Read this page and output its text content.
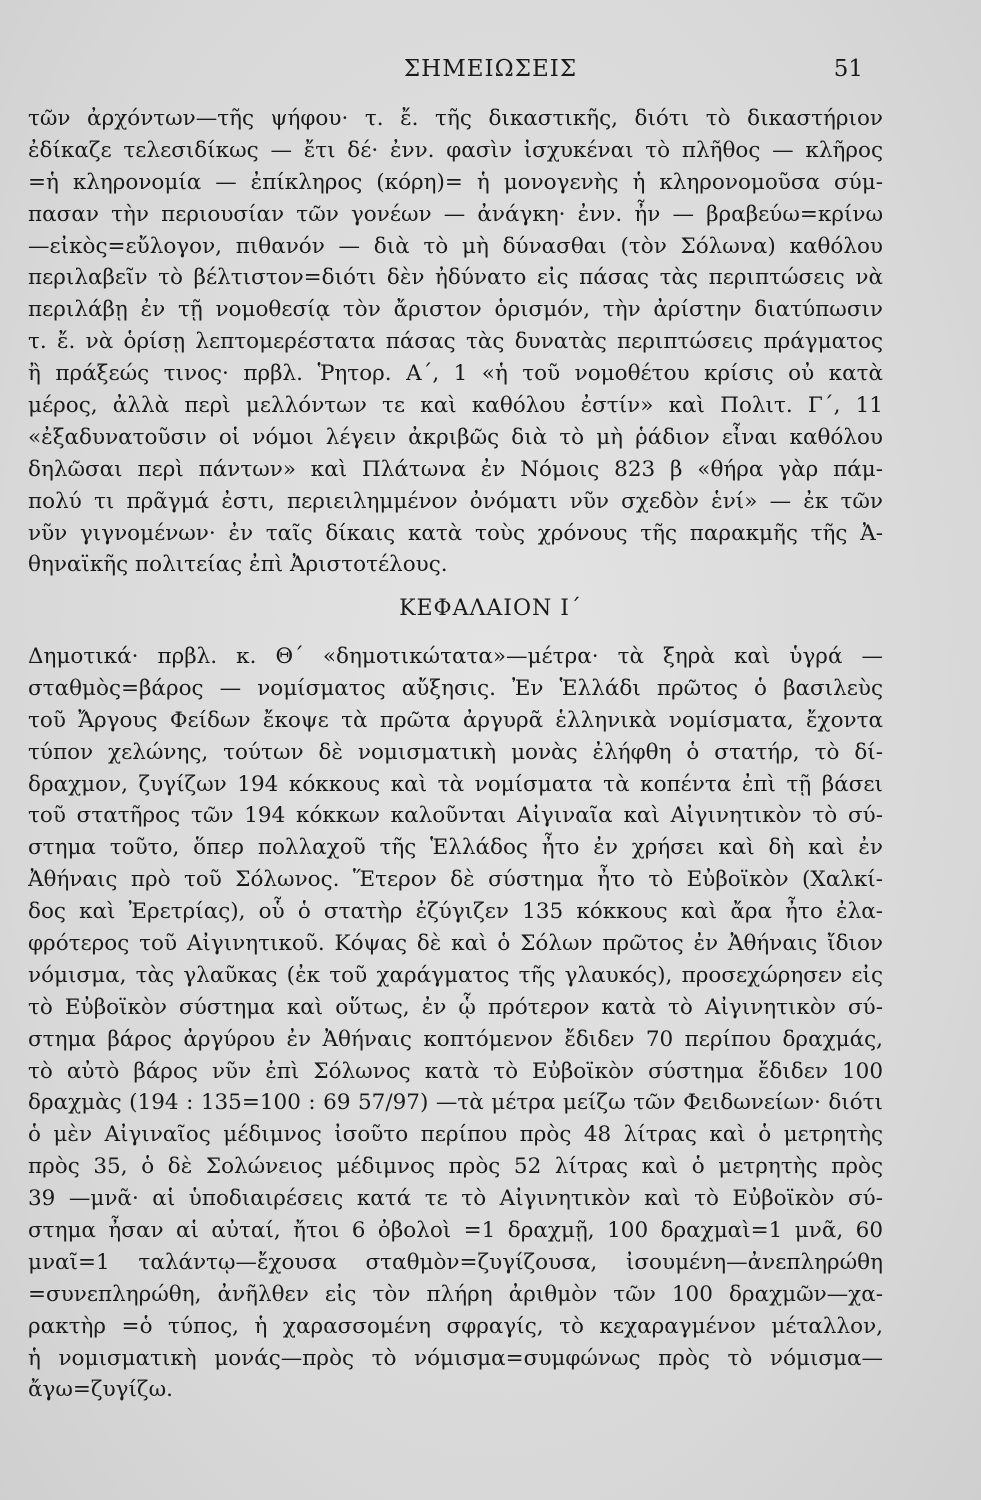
ΣΗΜΕΙΩΣΕΙΣ	51
τῶν ἀρχόντων—τῆς ψήφου· τ. ἔ. τῆς δικαστικῆς, διότι τὸ δικαστήριον
ἐδίκαζε τελεσιδίκως — ἔτι δέ· ἐνν. φασὶν ἰσχυκέναι τὸ πλῆθος — κλῆρος
=ἡ κληρονομία — ἐπίκληρος (κόρη)= ἡ μονογενὴς ἡ κληρονομοῦσα σύμ-
πασαν τὴν περιουσίαν τῶν γονέων — ἀνάγκη· ἐνν. ἦν — βραβεύω=κρίνω
—εἰκὸς=εὔλογον, πιθανόν — διὰ τὸ μὴ δύνασθαι (τὸν Σόλωνα) καθόλου
περιλαβεῖν τὸ βέλτιστον=διότι δὲν ἠδύνατο εἰς πάσας τὰς περιπτώσεις νὰ
περιλάβῃ ἐν τῇ νομοθεσίᾳ τὸν ἄριστον ὁρισμόν, τὴν ἀρίστην διατύπωσιν
τ. ἔ. νὰ ὁρίσῃ λεπτομερέστατα πάσας τὰς δυνατὰς περιπτώσεις πράγματος
ἢ πράξεώς τινος· πρβλ. Ῥητορ. Α΄, 1 «ἡ τοῦ νομοθέτου κρίσις οὐ κατὰ
μέρος, ἀλλὰ περὶ μελλόντων τε καὶ καθόλου ἐστίν» καὶ Πολιτ. Γ΄, 11
«ἐξαδυνατοῦσιν οἱ νόμοι λέγειν ἀκριβῶς διὰ τὸ μὴ ῥάδιον εἶναι καθόλου
δηλῶσαι περὶ πάντων» καὶ Πλάτωνα ἐν Νόμοις 823 β «θήρα γὰρ πάμ-
πολύ τι πρᾶγμά ἐστι, περιειλημμένον ὀνόματι νῦν σχεδὸν ἑνί» — ἐκ τῶν
νῦν γιγνομένων· ἐν ταῖς δίκαις κατὰ τοὺς χρόνους τῆς παρακμῆς τῆς Ἀ-
θηναϊκῆς πολιτείας ἐπὶ Ἀριστοτέλους.
ΚΕΦΑΛΑΙΟΝ Ι΄
Δημοτικά· πρβλ. κ. Θ΄ «δημοτικώτατα»—μέτρα· τὰ ξηρὰ καὶ ὑγρά —
σταθμὸς=βάρος — νομίσματος αὔξησις. Ἐν Ἑλλάδι πρῶτος ὁ βασιλεὺς
τοῦ Ἄργους Φείδων ἔκοψε τὰ πρῶτα ἀργυρᾶ ἑλληνικὰ νομίσματα, ἔχοντα
τύπον χελώνης, τούτων δὲ νομισματικὴ μονὰς ἐλήφθη ὁ στατήρ, τὸ δί-
δραχμον, ζυγίζων 194 κόκκους καὶ τὰ νομίσματα τὰ κοπέντα ἐπὶ τῇ βάσει
τοῦ στατῆρος τῶν 194 κόκκων καλοῦνται Αἰγιναῖα καὶ Αἰγινητικὸν τὸ σύ-
στημα τοῦτο, ὅπερ πολλαχοῦ τῆς Ἑλλάδος ἦτο ἐν χρήσει καὶ δὴ καὶ ἐν
Ἀθήναις πρὸ τοῦ Σόλωνος. Ἕτερον δὲ σύστημα ἦτο τὸ Εὐβοϊκὸν (Χαλκί-
δος καὶ Ἐρετρίας), οὗ ὁ στατὴρ ἐζύγιζεν 135 κόκκους καὶ ἄρα ἦτο ἐλα-
φρότερος τοῦ Αἰγινητικοῦ. Κόψας δὲ καὶ ὁ Σόλων πρῶτος ἐν Ἀθήναις ἴδιον
νόμισμα, τὰς γλαῦκας (ἐκ τοῦ χαράγματος τῆς γλαυκός), προσεχώρησεν εἰς
τὸ Εὐβοϊκὸν σύστημα καὶ οὕτως, ἐν ᾧ πρότερον κατὰ τὸ Αἰγινητικὸν σύ-
στημα βάρος ἀργύρου ἐν Ἀθήναις κοπτόμενον ἔδιδεν 70 περίπου δραχμάς,
τὸ αὐτὸ βάρος νῦν ἐπὶ Σόλωνος κατὰ τὸ Εὐβοϊκὸν σύστημα ἔδιδεν 100
δραχμὰς (194 : 135=100 : 69 57/97) —τὰ μέτρα μείζω τῶν Φειδωνείων· διότι
ὁ μὲν Αἰγιναῖος μέδιμνος ἰσοῦτο περίπου πρὸς 48 λίτρας καὶ ὁ μετρητὴς
πρὸς 35, ὁ δὲ Σολώνειος μέδιμνος πρὸς 52 λίτρας καὶ ὁ μετρητὴς πρὸς
39 —μνᾶ· αἱ ὑποδιαιρέσεις κατά τε τὸ Αἰγινητικὸν καὶ τὸ Εὐβοϊκὸν σύ-
στημα ἦσαν αἱ αὐταί, ἤτοι 6 ὀβολοὶ =1 δραχμῇ, 100 δραχμαὶ=1 μνᾶ, 60
μναῖ=1 ταλάντῳ—ἔχουσα σταθμὸν=ζυγίζουσα, ἰσουμένη—ἀνεπληρώθη
=συνεπληρώθη, ἀνῆλθεν εἰς τὸν πλήρη ἀριθμὸν τῶν 100 δραχμῶν—χα-
ρακτὴρ =ὁ τύπος, ἡ χαρασσομένη σφραγίς, τὸ κεχαραγμένον μέταλλον,
ἡ νομισματικὴ μονάς—πρὸς τὸ νόμισμα=συμφώνως πρὸς τὸ νόμισμα—
ἄγω=ζυγίζω.
